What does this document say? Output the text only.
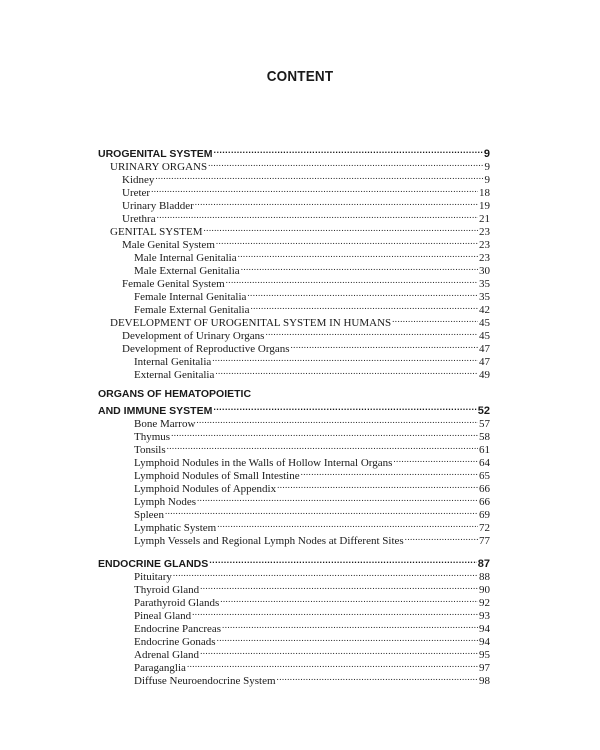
CONTENT
UROGENITAL SYSTEM .....	9
URINARY ORGANS .....	9
Kidney .....	9
Ureter .....	18
Urinary Bladder .....	19
Urethra .....	21
GENITAL SYSTEM .....	23
Male Genital System .....	23
Male Internal Genitalia .....	23
Male External Genitalia .....	30
Female Genital System .....	35
Female Internal Genitalia .....	35
Female External Genitalia .....	42
DEVELOPMENT OF UROGENITAL SYSTEM IN HUMANS .....	45
Development of Urinary Organs .....	45
Development of Reproductive Organs .....	47
Internal Genitalia .....	47
External Genitalia .....	49
ORGANS OF HEMATOPOIETIC
AND IMMUNE SYSTEM .....	52
Bone Marrow .....	57
Thymus .....	58
Tonsils .....	61
Lymphoid Nodules in the Walls of Hollow Internal Organs .....	64
Lymphoid Nodules of Small Intestine .....	65
Lymphoid Nodules of Appendix .....	66
Lymph Nodes .....	66
Spleen .....	69
Lymphatic System .....	72
Lymph Vessels and Regional Lymph Nodes at Different Sites .....	77
ENDOCRINE GLANDS .....	87
Pituitary .....	88
Thyroid Gland .....	90
Parathyroid Glands .....	92
Pineal Gland .....	93
Endocrine Pancreas .....	94
Endocrine Gonads .....	94
Adrenal Gland .....	95
Paraganglia .....	97
Diffuse Neuroendocrine System .....	98
